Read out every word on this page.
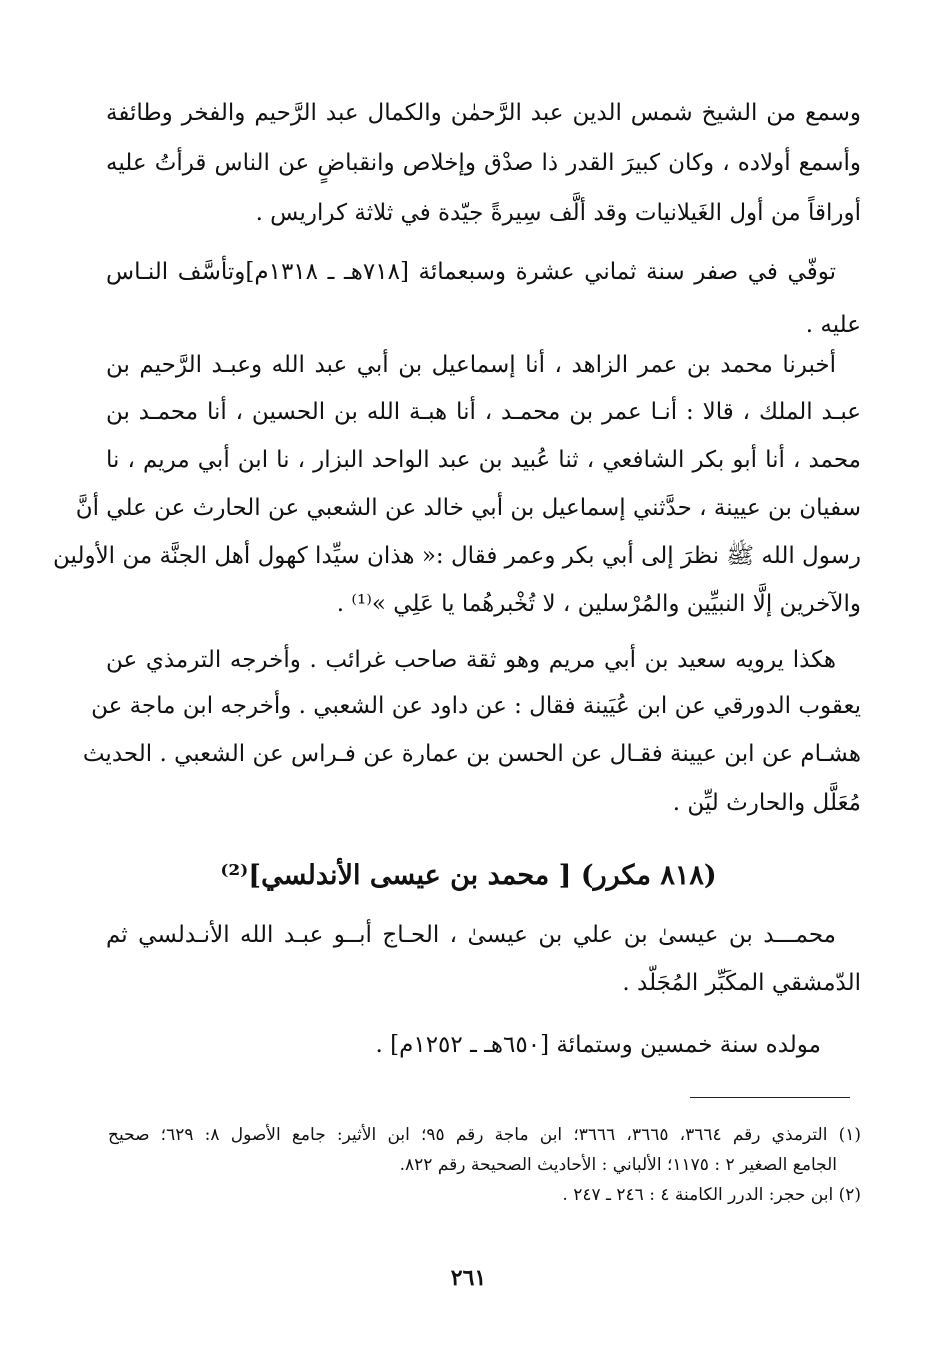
وسمع من الشيخ شمس الدين عبد الرَّحمٰن والكمال عبد الرَّحيم والفخر وطائفة
وأسمع أولاده ، وكان كبيرَ القدر ذا صدْق وإخلاص وانقباضٍ عن الناس قرأتُ عليه
أوراقاً من أول الغَيلانيات وقد ألَّف سِيرةً جيّدة في ثلاثة كراريس .
توفّي في صفر سنة ثماني عشرة وسبعمائة [٧١٨هـ ـ ١٣١٨م]وتأسَّف النـاس
عليه .
أخبرنا محمد بن عمر الزاهد ، أنا إسماعيل بن أبي عبد الله وعبـد الرَّحيم بن
عبـد الملك ، قالا : أنـا عمر بن محمـد ، أنا هبـة الله بن الحسين ، أنا محمـد بن
محمد ، أنا أبو بكر الشافعي ، ثنا عُبيد بن عبد الواحد البزار ، نا ابن أبي مريم ، نا
سفيان بن عيينة ، حدَّثني إسماعيل بن أبي خالد عن الشعبي عن الحارث عن علي أنَّ
رسول الله ﷺ نظرَ إلى أبي بكر وعمر فقال :« هذان سيِّدا كهول أهل الجنَّة من الأولين
والآخرين إلَّا النبيِّين والمُرْسلين ، لا تُخْبرهُما يا عَلِي »⁽¹⁾ .
هكذا يرويه سعيد بن أبي مريم وهو ثقة صاحب غرائب . وأخرجه الترمذي عن
يعقوب الدورقي عن ابن عُيَينة فقال : عن داود عن الشعبي . وأخرجه ابن ماجة عن
هشـام عن ابن عيينة فقـال عن الحسن بن عمارة عن فـراس عن الشعبي . الحديث
مُعَلَّل والحارث ليِّن .
(٨١٨ مكرر) [ محمد بن عيسى الأندلسي]⁽²⁾
محمـــد بن عيسىٰ بن علي بن عيسىٰ ، الحـاج أبــو عبـد الله الأنـدلسي ثم
الدّمشقي المكَبِّر المُجَلّد .
مولده سنة خمسين وستمائة [٦٥٠هـ ـ ١٢٥٢م] .
(١) الترمذي رقم ٣٦٦٤، ٣٦٦٥، ٣٦٦٦؛ ابن ماجة رقم ٩٥؛ ابن الأثير: جامع الأصول ٨: ٦٢٩؛ صحيح
الجامع الصغير ٢ : ١١٧٥؛ الألباني : الأحاديث الصحيحة رقم ٨٢٢.
(٢) ابن حجر: الدرر الكامنة ٤ : ٢٤٦ ـ ٢٤٧ .
٢٦١
